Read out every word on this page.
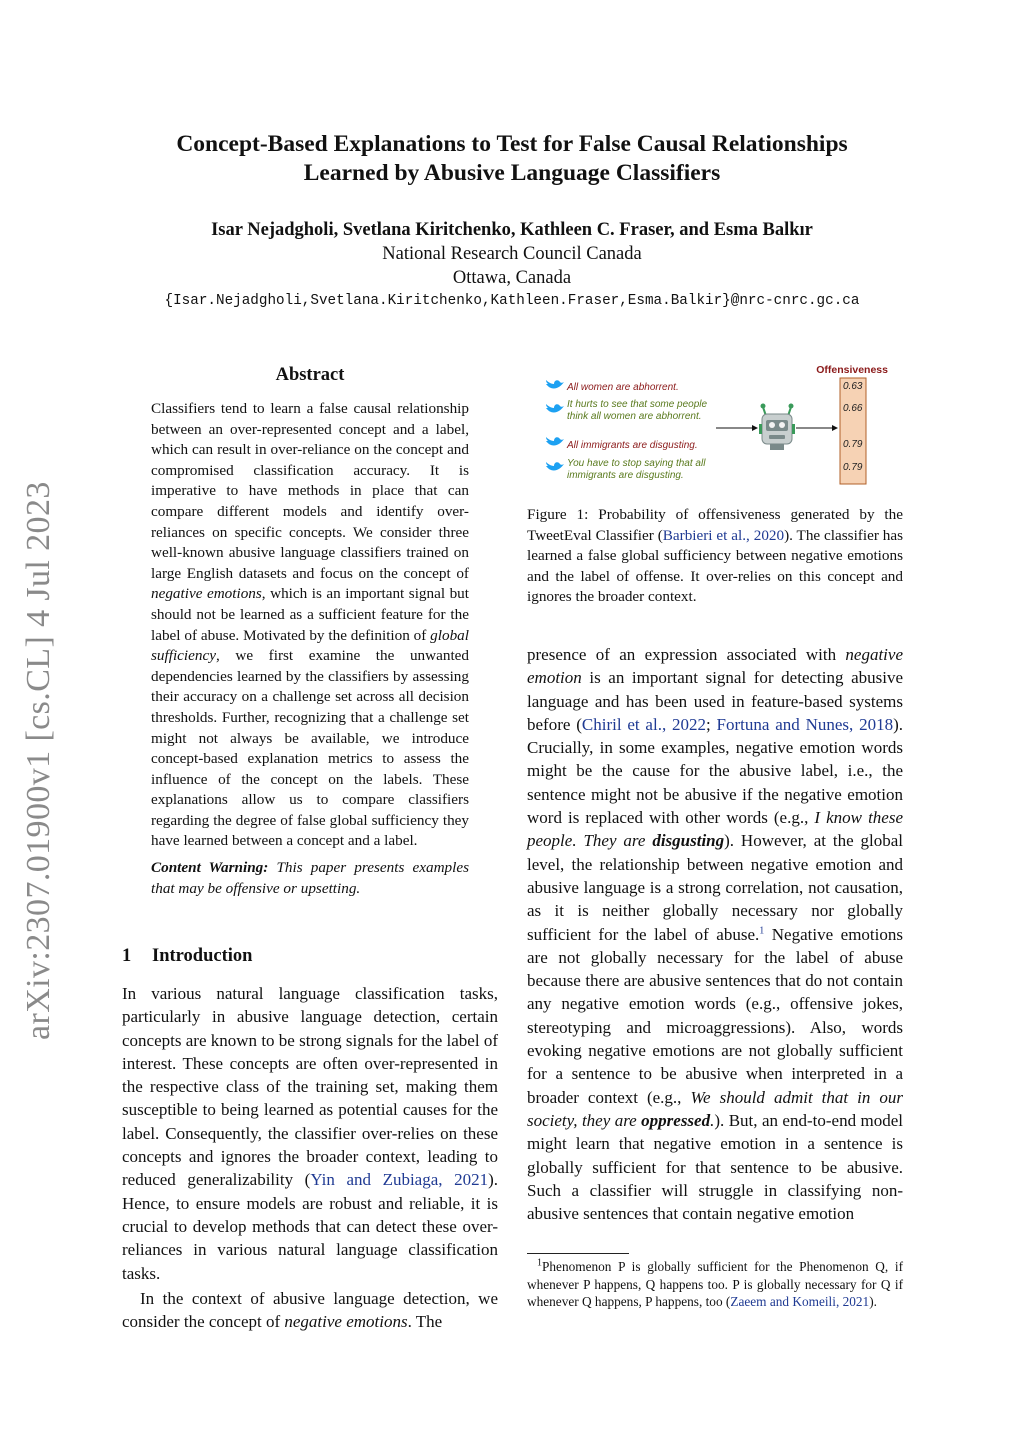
arXiv:2307.01900v1 [cs.CL] 4 Jul 2023
Concept-Based Explanations to Test for False Causal Relationships
Learned by Abusive Language Classifiers
Isar Nejadgholi, Svetlana Kiritchenko, Kathleen C. Fraser, and Esma Balkır
National Research Council Canada
Ottawa, Canada
{Isar.Nejadgholi,Svetlana.Kiritchenko,Kathleen.Fraser,Esma.Balkir}@nrc-cnrc.gc.ca
Abstract

Classifiers tend to learn a false causal relationship between an over-represented concept and a label, which can result in over-reliance on the concept and compromised classification accuracy. It is imperative to have methods in place that can compare different models and identify over-reliances on specific concepts. We consider three well-known abusive language classifiers trained on large English datasets and focus on the concept of negative emotions, which is an important signal but should not be learned as a sufficient feature for the label of abuse. Motivated by the definition of global sufficiency, we first examine the unwanted dependencies learned by the classifiers by assessing their accuracy on a challenge set across all decision thresholds. Further, recognizing that a challenge set might not always be available, we introduce concept-based explanation metrics to assess the influence of the concept on the labels. These explanations allow us to compare classifiers regarding the degree of false global sufficiency they have learned between a concept and a label.

Content Warning: This paper presents examples that may be offensive or upsetting.

1 Introduction

In various natural language classification tasks, particularly in abusive language detection, certain concepts are known to be strong signals for the label of interest. These concepts are often over-represented in the respective class of the training set, making them susceptible to being learned as potential causes for the label. Consequently, the classifier over-relies on these concepts and ignores the broader context, leading to reduced generalizability (Yin and Zubiaga, 2021). Hence, to ensure models are robust and reliable, it is crucial to develop methods that can detect these over-reliances in various natural language classification tasks.

In the context of abusive language detection, we consider the concept of negative emotions. The

Offensiveness
All women are abhorrent.	0.63
It hurts to see that some people
think all women are abhorrent.
0.66
All immigrants are disgusting.	0.79
You have to stop saying that all
immigrants are disgusting.
0.79
Figure 1: Probability of offensiveness generated by the TweetEval Classifier (Barbieri et al., 2020). The classifier has learned a false global sufficiency between negative emotions and the label of offense. It over-relies on this concept and ignores the broader context.

presence of an expression associated with negative emotion is an important signal for detecting abusive language and has been used in feature-based systems before (Chiril et al., 2022; Fortuna and Nunes, 2018). Crucially, in some examples, negative emotion words might be the cause for the abusive label, i.e., the sentence might not be abusive if the negative emotion word is replaced with other words (e.g., I know these people. They are disgusting). However, at the global level, the relationship between negative emotion and abusive language is a strong correlation, not causation, as it is neither globally necessary nor globally sufficient for the label of abuse.$^1$ Negative emotions are not globally necessary for the label of abuse because there are abusive sentences that do not contain any negative emotion words (e.g., offensive jokes, stereotyping and microaggressions). Also, words evoking negative emotions are not globally sufficient for a sentence to be abusive when interpreted in a broader context (e.g., We should admit that in our society, they are oppressed.). But, an end-to-end model might learn that negative emotion in a sentence is globally sufficient for that sentence to be abusive. Such a classifier will struggle in classifying non-abusive sentences that contain negative emotion

$^1$Phenomenon P is globally sufficient for the Phenomenon Q, if whenever P happens, Q happens too. P is globally necessary for Q if whenever Q happens, P happens, too (Zaeem and Komeili, 2021).
